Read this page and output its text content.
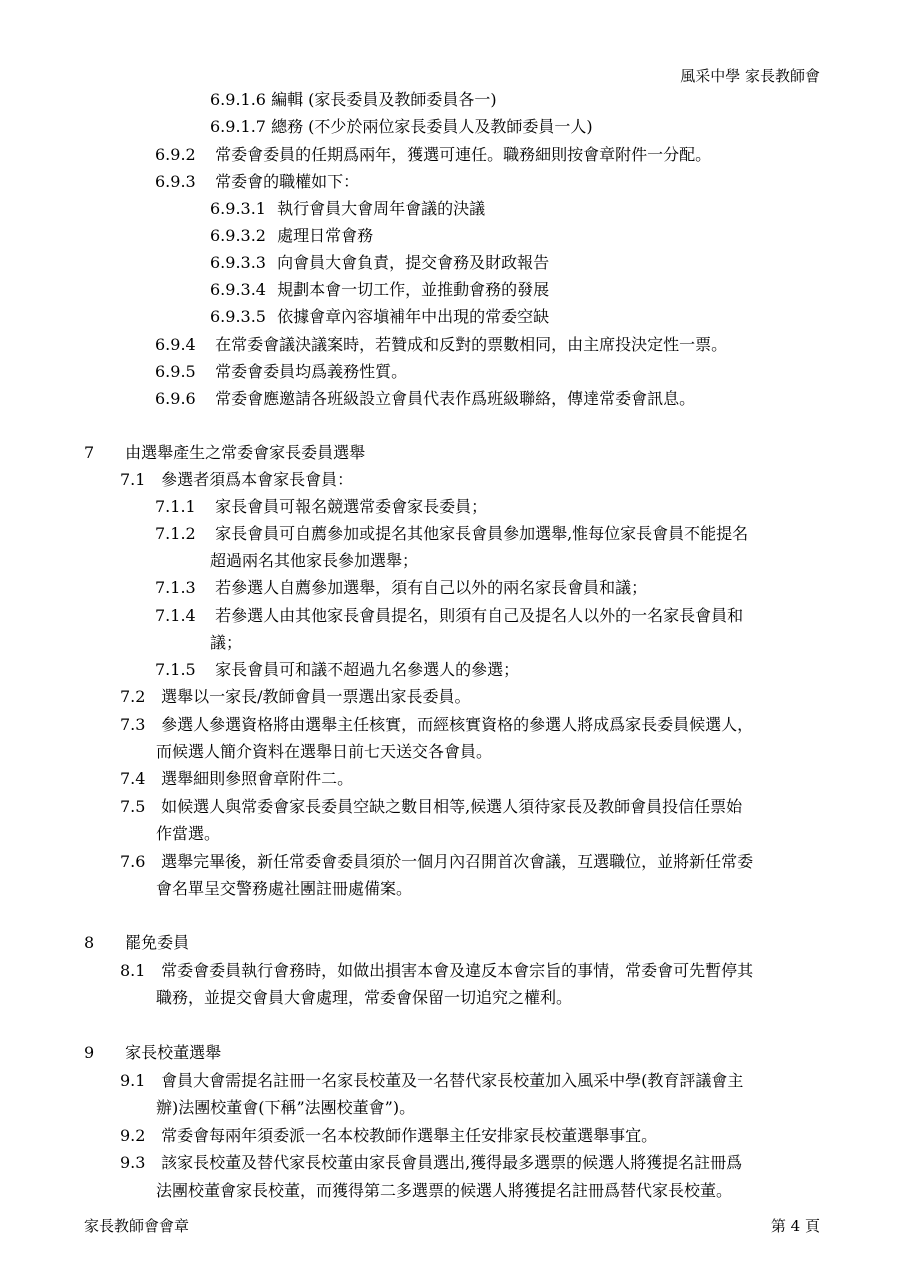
風采中學 家長教師會
6.9.1.6 編輯 (家長委員及教師委員各一)
6.9.1.7 總務 (不少於兩位家長委員人及教師委員一人)
6.9.2 常委會委員的任期爲兩年，獲選可連任。職務細則按會章附件一分配。
6.9.3 常委會的職權如下：
6.9.3.1 執行會員大會周年會議的決議
6.9.3.2 處理日常會務
6.9.3.3 向會員大會負責，提交會務及財政報告
6.9.3.4 規劃本會一切工作，並推動會務的發展
6.9.3.5 依據會章內容塡補年中出現的常委空缺
6.9.4 在常委會議決議案時，若贊成和反對的票數相同，由主席投決定性一票。
6.9.5 常委會委員均爲義務性質。
6.9.6 常委會應邀請各班級設立會員代表作爲班級聯絡，傳達常委會訊息。
7 由選舉產生之常委會家長委員選舉
7.1 參選者須爲本會家長會員：
7.1.1 家長會員可報名競選常委會家長委員；
7.1.2 家長會員可自薦參加或提名其他家長會員參加選舉,惟每位家長會員不能提名
超過兩名其他家長參加選舉；
7.1.3 若參選人自薦參加選舉，須有自己以外的兩名家長會員和議；
7.1.4 若參選人由其他家長會員提名，則須有自己及提名人以外的一名家長會員和
議；
7.1.5 家長會員可和議不超過九名參選人的參選；
7.2 選舉以一家長/教師會員一票選出家長委員。
7.3 參選人參選資格將由選舉主任核實，而經核實資格的參選人將成爲家長委員候選人，
而候選人簡介資料在選舉日前七天送交各會員。
7.4 選舉細則參照會章附件二。
7.5 如候選人與常委會家長委員空缺之數目相等,候選人須待家長及教師會員投信任票始
作當選。
7.6 選舉完畢後，新任常委會委員須於一個月內召開首次會議，互選職位，並將新任常委
會名單呈交警務處社團註冊處備案。
8 罷免委員
8.1 常委會委員執行會務時，如做出損害本會及違反本會宗旨的事情，常委會可先暫停其
職務，並提交會員大會處理，常委會保留一切追究之權利。
9 家長校董選舉
9.1 會員大會需提名註冊一名家長校董及一名替代家長校董加入風采中學(教育評議會主
辦)法團校董會(下稱”法團校董會”)。
9.2 常委會每兩年須委派一名本校教師作選舉主任安排家長校董選舉事宜。
9.3 該家長校董及替代家長校董由家長會員選出,獲得最多選票的候選人將獲提名註冊爲
法團校董會家長校董，而獲得第二多選票的候選人將獲提名註冊爲替代家長校董。
家長教師會會章	第 4 頁
